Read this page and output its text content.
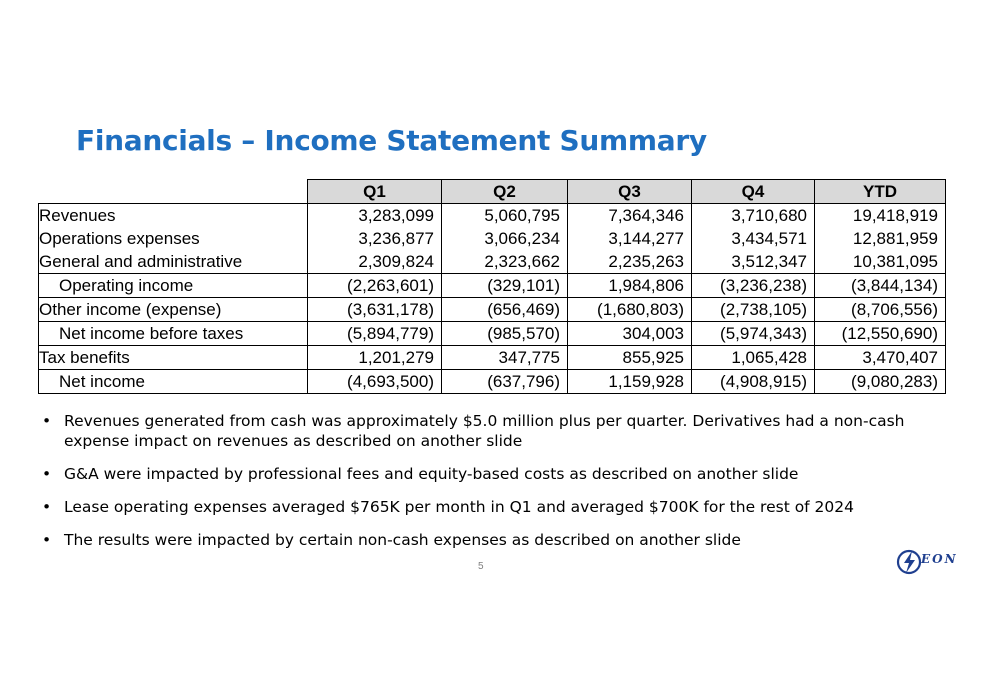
Financials – Income Statement Summary
	Q1	Q2	Q3	Q4	YTD
Revenues	3,283,099	5,060,795	7,364,346	3,710,680	19,418,919
Operations expenses	3,236,877	3,066,234	3,144,277	3,434,571	12,881,959
General and administrative	2,309,824	2,323,662	2,235,263	3,512,347	10,381,095
Operating income	(2,263,601)	(329,101)	1,984,806	(3,236,238)	(3,844,134)
Other income (expense)	(3,631,178)	(656,469)	(1,680,803)	(2,738,105)	(8,706,556)
Net income before taxes	(5,894,779)	(985,570)	304,003	(5,974,343)	(12,550,690)
Tax benefits	1,201,279	347,775	855,925	1,065,428	3,470,407
Net income	(4,693,500)	(637,796)	1,159,928	(4,908,915)	(9,080,283)
• Revenues generated from cash was approximately $5.0 million plus per quarter. Derivatives had a non-cash expense impact on revenues as described on another slide
• G&A were impacted by professional fees and equity-based costs as described on another slide
• Lease operating expenses averaged $765K per month in Q1 and averaged $700K for the rest of 2024
• The results were impacted by certain non-cash expenses as described on another slide
5
EON
